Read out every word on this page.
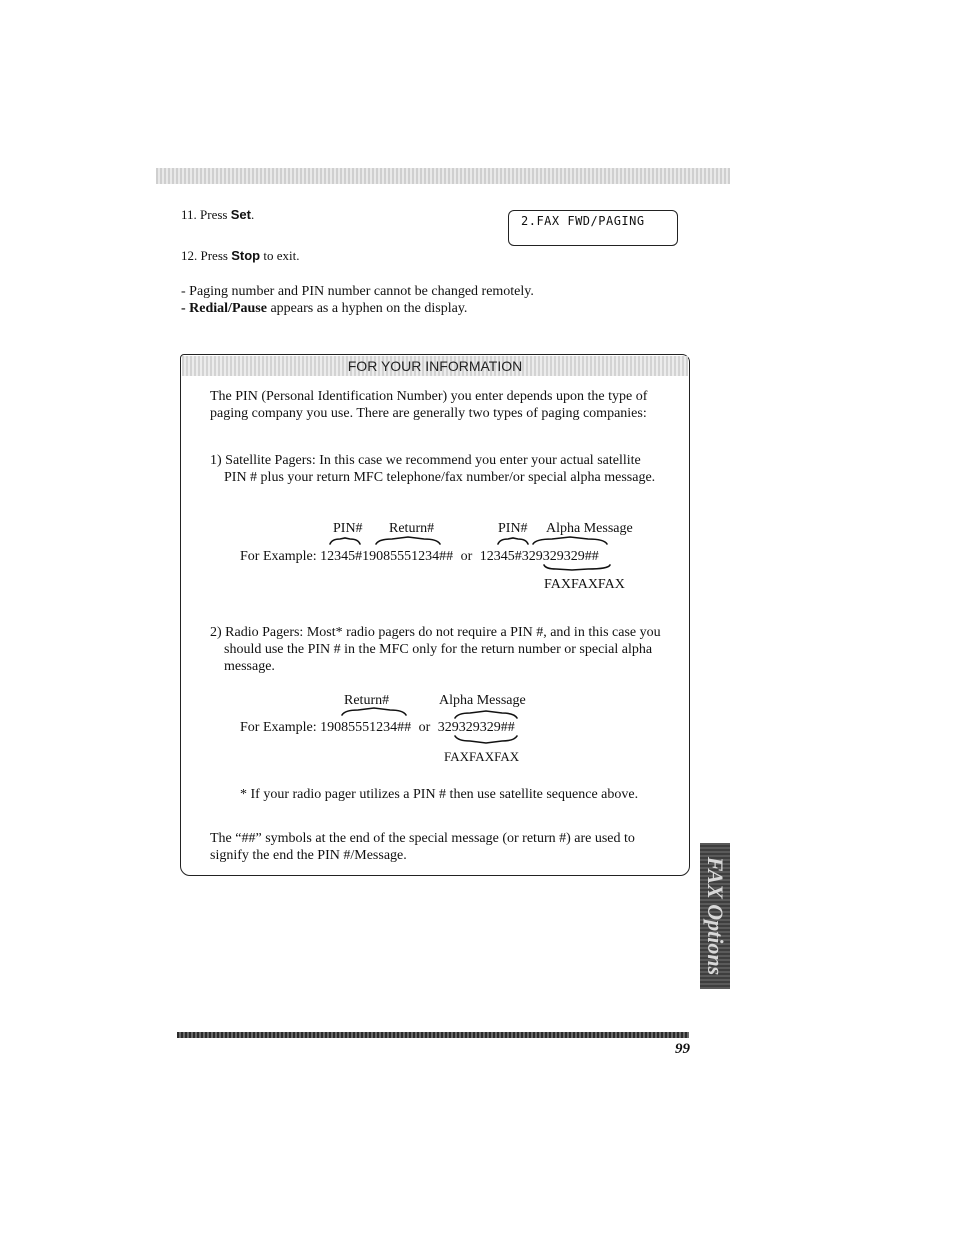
11. Press Set.	2.FAX FWD/PAGING
12. Press Stop to exit.
- Paging number and PIN number cannot be changed remotely.
- Redial/Pause appears as a hyphen on the display.
FOR YOUR INFORMATION
The PIN (Personal Identification Number) you enter depends upon the type of paging company you use. There are generally two types of paging companies:
1) Satellite Pagers: In this case we recommend you enter your actual satellite PIN # plus your return MFC telephone/fax number/or special alpha message.
PIN# Return#	PIN# Alpha Message
For Example: 12345#19085551234## or 12345#329329329##
FAXFAXFAX
2) Radio Pagers: Most* radio pagers do not require a PIN #, and in this case you should use the PIN # in the MFC only for the return number or special alpha message.
Return#	Alpha Message
For Example: 19085551234## or 329329329##
FAXFAXFAX
* If your radio pager utilizes a PIN # then use satellite sequence above.
The “##” symbols at the end of the special message (or return #) are used to signify the end the PIN #/Message.
FAX Options
99
